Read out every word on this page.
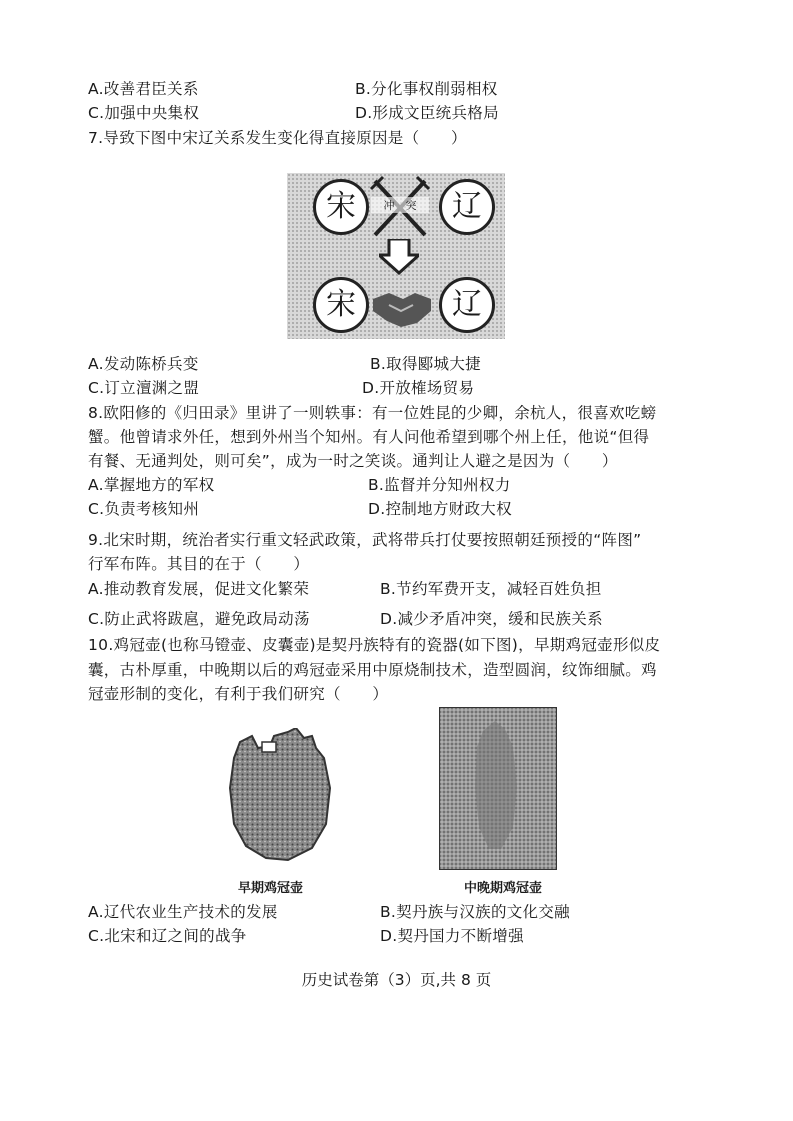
A.改善君臣关系	B.分化事权削弱相权
C.加强中央集权	D.形成文臣统兵格局
7.导致下图中宋辽关系发生变化得直接原因是（　　）
宋	辽
冲　突
宋	辽
A.发动陈桥兵变	B.取得郾城大捷
C.订立澶渊之盟	D.开放榷场贸易
8.欧阳修的《归田录》里讲了一则轶事：有一位姓昆的少卿，余杭人，很喜欢吃螃
蟹。他曾请求外任，想到外州当个知州。有人问他希望到哪个州上任，他说“但得
有餐、无通判处，则可矣”，成为一时之笑谈。通判让人避之是因为（　　）
A.掌握地方的军权	B.监督并分知州权力
C.负责考核知州	D.控制地方财政大权
9.北宋时期，统治者实行重文轻武政策，武将带兵打仗要按照朝廷预授的“阵图”
行军布阵。其目的在于（　　）
A.推动教育发展，促进文化繁荣	B.节约军费开支，减轻百姓负担
C.防止武将跋扈，避免政局动荡	D.减少矛盾冲突，缓和民族关系
10.鸡冠壶(也称马镫壶、皮囊壶)是契丹族特有的瓷器(如下图)，早期鸡冠壶形似皮
囊，古朴厚重，中晚期以后的鸡冠壶采用中原烧制技术，造型圆润，纹饰细腻。鸡
冠壶形制的变化，有利于我们研究（　　）
早期鸡冠壶	中晚期鸡冠壶
A.辽代农业生产技术的发展	B.契丹族与汉族的文化交融
C.北宋和辽之间的战争	D.契丹国力不断增强
历史试卷第（3）页,共 8 页
